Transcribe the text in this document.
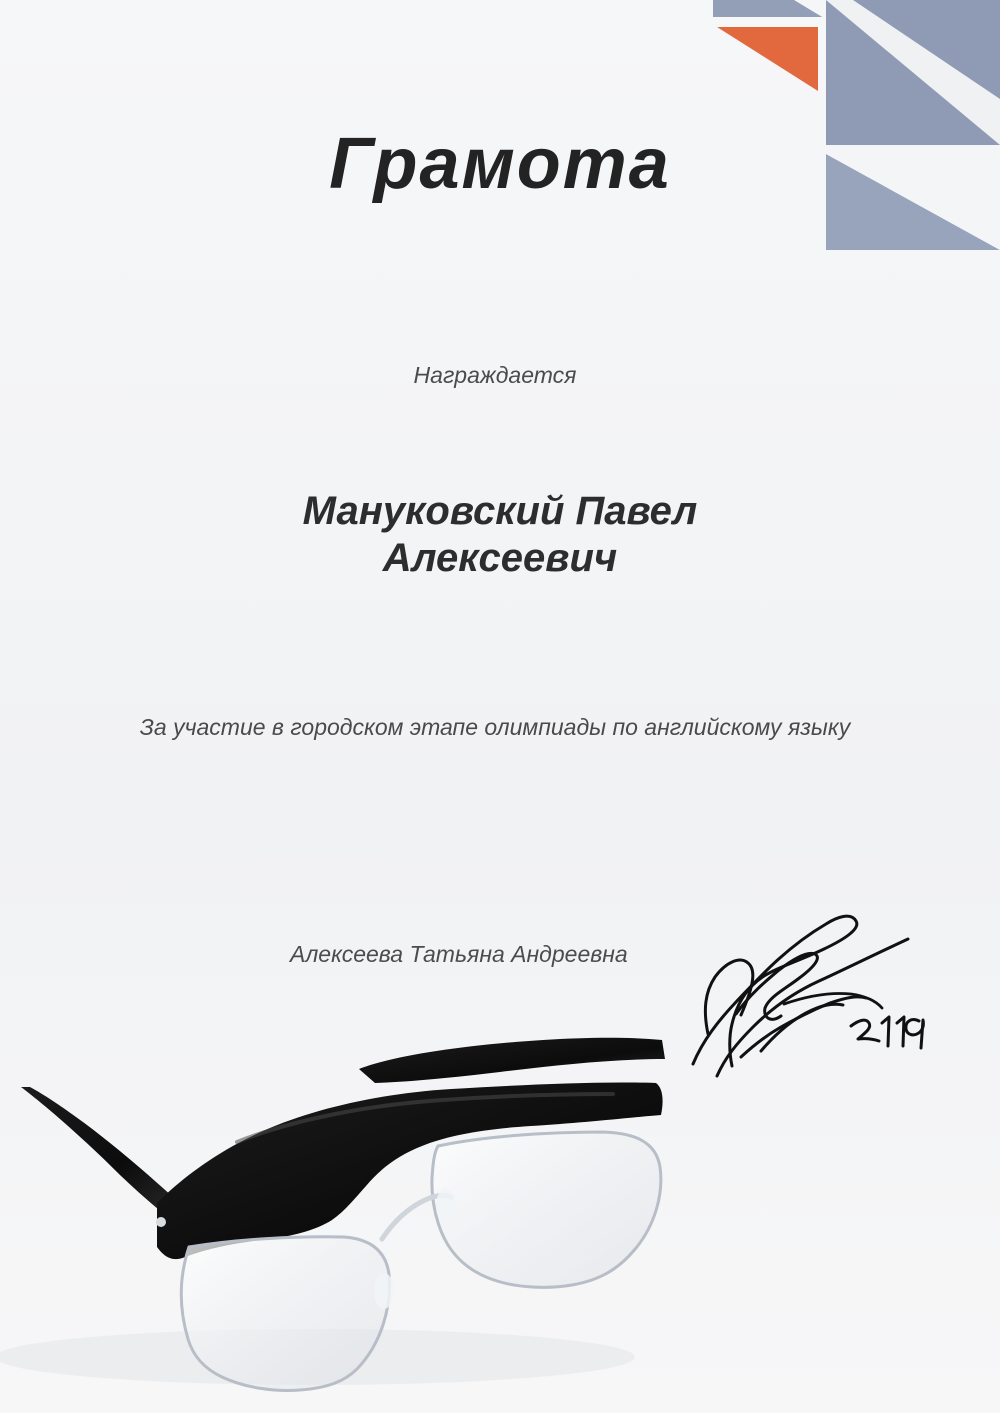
Грамота
Награждается
Мануковский Павел
Алексеевич
За участие в городском этапе олимпиады по английскому языку
Алексеева Татьяна Андреевна
